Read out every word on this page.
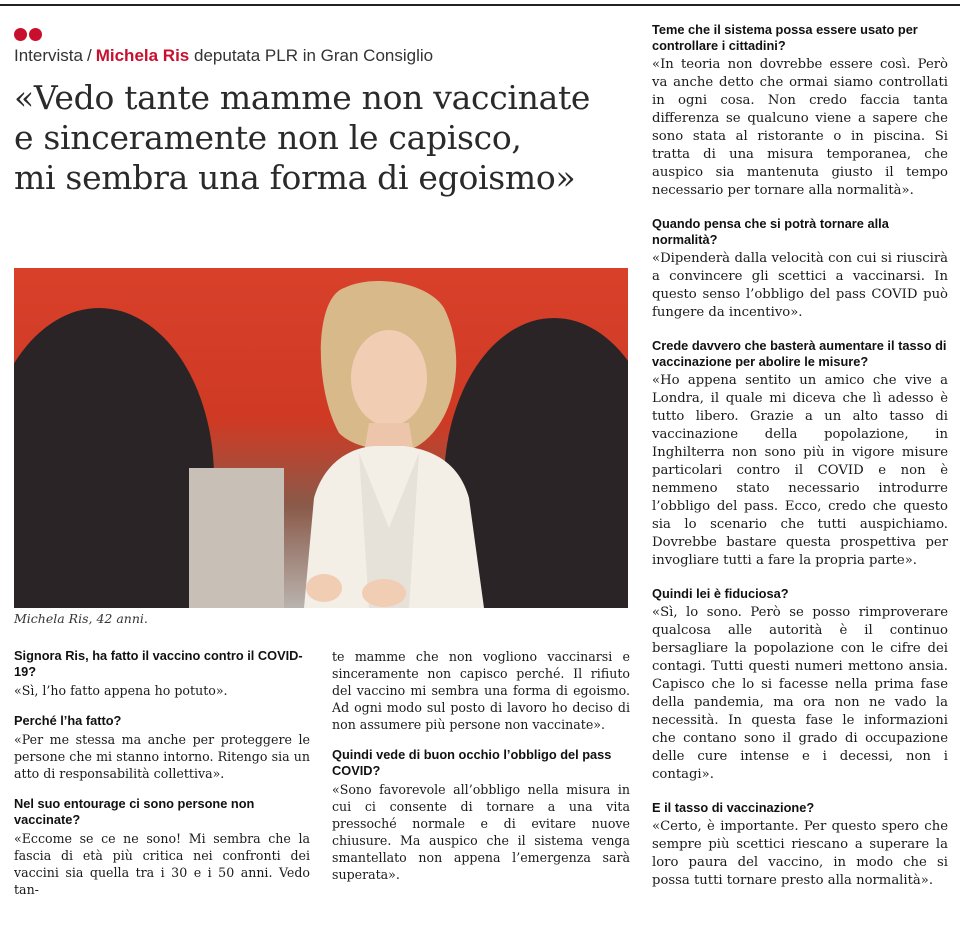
Intervista / Michela Ris deputata PLR in Gran Consiglio
«Vedo tante mamme non vaccinate
e sinceramente non le capisco,
mi sembra una forma di egoismo»
Michela Ris, 42 anni.

Signora Ris, ha fatto il vaccino contro il COVID-19?

«Sì, l’ho fatto appena ho potuto».

Perché l’ha fatto?

«Per me stessa ma anche per proteggere le persone che mi stanno intorno. Ritengo sia un atto di responsabilità collettiva».

Nel suo entourage ci sono persone non vaccinate?

«Eccome se ce ne sono! Mi sembra che la fascia di età più critica nei confronti dei vaccini sia quella tra i 30 e i 50 anni. Vedo tan-

te mamme che non vogliono vaccinarsi e sinceramente non capisco perché. Il rifiuto del vaccino mi sembra una forma di egoismo. Ad ogni modo sul posto di lavoro ho deciso di non assumere più persone non vaccinate».

Quindi vede di buon occhio l’obbligo del pass COVID?

«Sono favorevole all’obbligo nella misura in cui ci consente di tornare a una vita pressoché normale e di evitare nuove chiusure. Ma auspico che il sistema venga smantellato non appena l’emergenza sarà superata».

Teme che il sistema possa essere usato per controllare i cittadini?

«In teoria non dovrebbe essere così. Però va anche detto che ormai siamo controllati in ogni cosa. Non credo faccia tanta differenza se qualcuno viene a sapere che sono stata al ristorante o in piscina. Si tratta di una misura temporanea, che auspico sia mantenuta giusto il tempo necessario per tornare alla normalità».

Quando pensa che si potrà tornare alla normalità?

«Dipenderà dalla velocità con cui si riuscirà a convincere gli scettici a vaccinarsi. In questo senso l’obbligo del pass COVID può fungere da incentivo».

Crede davvero che basterà aumentare il tasso di vaccinazione per abolire le misure?

«Ho appena sentito un amico che vive a Londra, il quale mi diceva che lì adesso è tutto libero. Grazie a un alto tasso di vaccinazione della popolazione, in Inghilterra non sono più in vigore misure particolari contro il COVID e non è nemmeno stato necessario introdurre l’obbligo del pass. Ecco, credo che questo sia lo scenario che tutti auspichiamo. Dovrebbe bastare questa prospettiva per invogliare tutti a fare la propria parte».

Quindi lei è fiduciosa?

«Sì, lo sono. Però se posso rimproverare qualcosa alle autorità è il continuo bersagliare la popolazione con le cifre dei contagi. Tutti questi numeri mettono ansia. Capisco che lo si facesse nella prima fase della pandemia, ma ora non ne vado la necessità. In questa fase le informazioni che contano sono il grado di occupazione delle cure intense e i decessi, non i contagi».

E il tasso di vaccinazione?

«Certo, è importante. Per questo spero che sempre più scettici riescano a superare la loro paura del vaccino, in modo che si possa tutti tornare presto alla normalità».
